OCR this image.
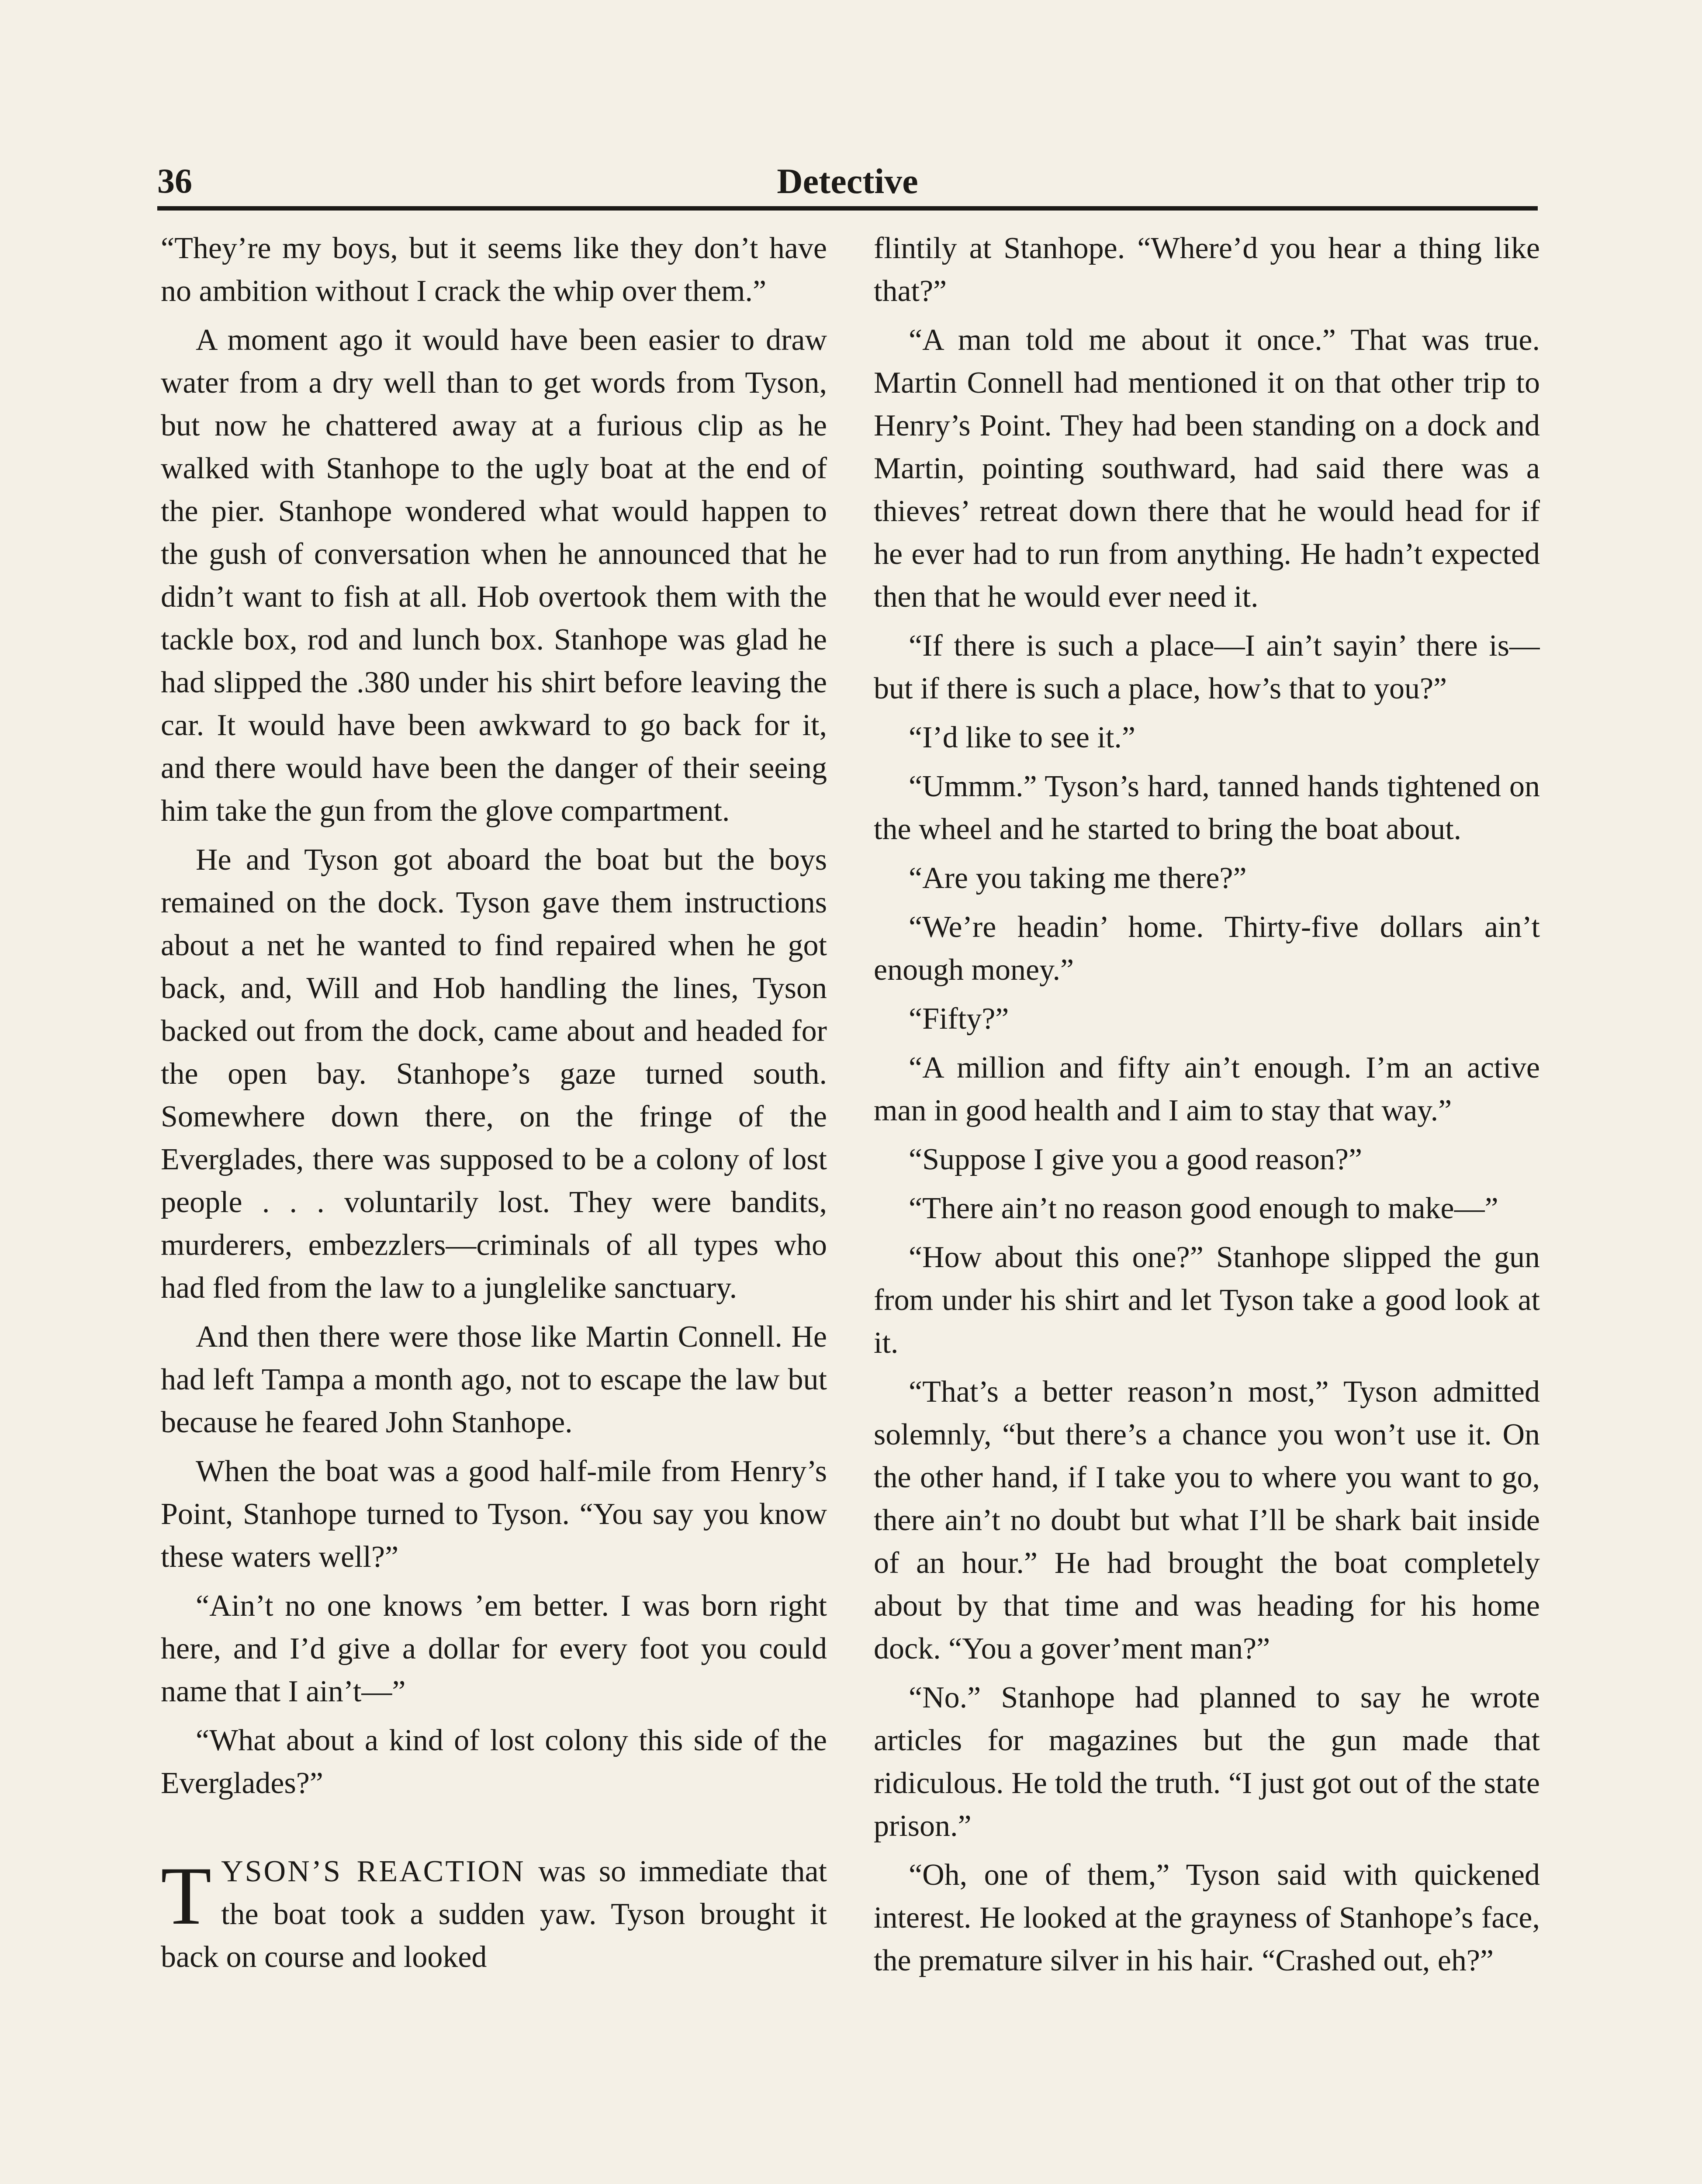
36	Detective

“They’re my boys, but it seems like they don’t have no ambition without I crack the whip over them.”

A moment ago it would have been easier to draw water from a dry well than to get words from Tyson, but now he chattered away at a furious clip as he walked with Stanhope to the ugly boat at the end of the pier. Stanhope wondered what would happen to the gush of conversation when he announced that he didn’t want to fish at all. Hob overtook them with the tackle box, rod and lunch box. Stanhope was glad he had slipped the .380 under his shirt before leaving the car. It would have been awkward to go back for it, and there would have been the danger of their seeing him take the gun from the glove compartment.

He and Tyson got aboard the boat but the boys remained on the dock. Tyson gave them instructions about a net he wanted to find repaired when he got back, and, Will and Hob handling the lines, Tyson backed out from the dock, came about and headed for the open bay. Stanhope’s gaze turned south. Somewhere down there, on the fringe of the Everglades, there was supposed to be a colony of lost people . . . voluntarily lost. They were bandits, murderers, embezzlers—criminals of all types who had fled from the law to a junglelike sanctuary.

And then there were those like Martin Connell. He had left Tampa a month ago, not to escape the law but because he feared John Stanhope.

When the boat was a good half-mile from Henry’s Point, Stanhope turned to Tyson. “You say you know these waters well?”

“Ain’t no one knows ’em better. I was born right here, and I’d give a dollar for every foot you could name that I ain’t—”

“What about a kind of lost colony this side of the Everglades?”

TYSON’S REACTION was so immediate that the boat took a sudden yaw. Tyson brought it back on course and looked

flintily at Stanhope. “Where’d you hear a thing like that?”

“A man told me about it once.” That was true. Martin Connell had mentioned it on that other trip to Henry’s Point. They had been standing on a dock and Martin, pointing southward, had said there was a thieves’ retreat down there that he would head for if he ever had to run from anything. He hadn’t expected then that he would ever need it.

“If there is such a place—I ain’t sayin’ there is—but if there is such a place, how’s that to you?”

“I’d like to see it.”

“Ummm.” Tyson’s hard, tanned hands tightened on the wheel and he started to bring the boat about.

“Are you taking me there?”

“We’re headin’ home. Thirty-five dollars ain’t enough money.”

“Fifty?”

“A million and fifty ain’t enough. I’m an active man in good health and I aim to stay that way.”

“Suppose I give you a good reason?”

“There ain’t no reason good enough to make—”

“How about this one?” Stanhope slipped the gun from under his shirt and let Tyson take a good look at it.

“That’s a better reason’n most,” Tyson admitted solemnly, “but there’s a chance you won’t use it. On the other hand, if I take you to where you want to go, there ain’t no doubt but what I’ll be shark bait inside of an hour.” He had brought the boat completely about by that time and was heading for his home dock. “You a gover’ment man?”

“No.” Stanhope had planned to say he wrote articles for magazines but the gun made that ridiculous. He told the truth. “I just got out of the state prison.”

“Oh, one of them,” Tyson said with quickened interest. He looked at the grayness of Stanhope’s face, the premature silver in his hair. “Crashed out, eh?”
